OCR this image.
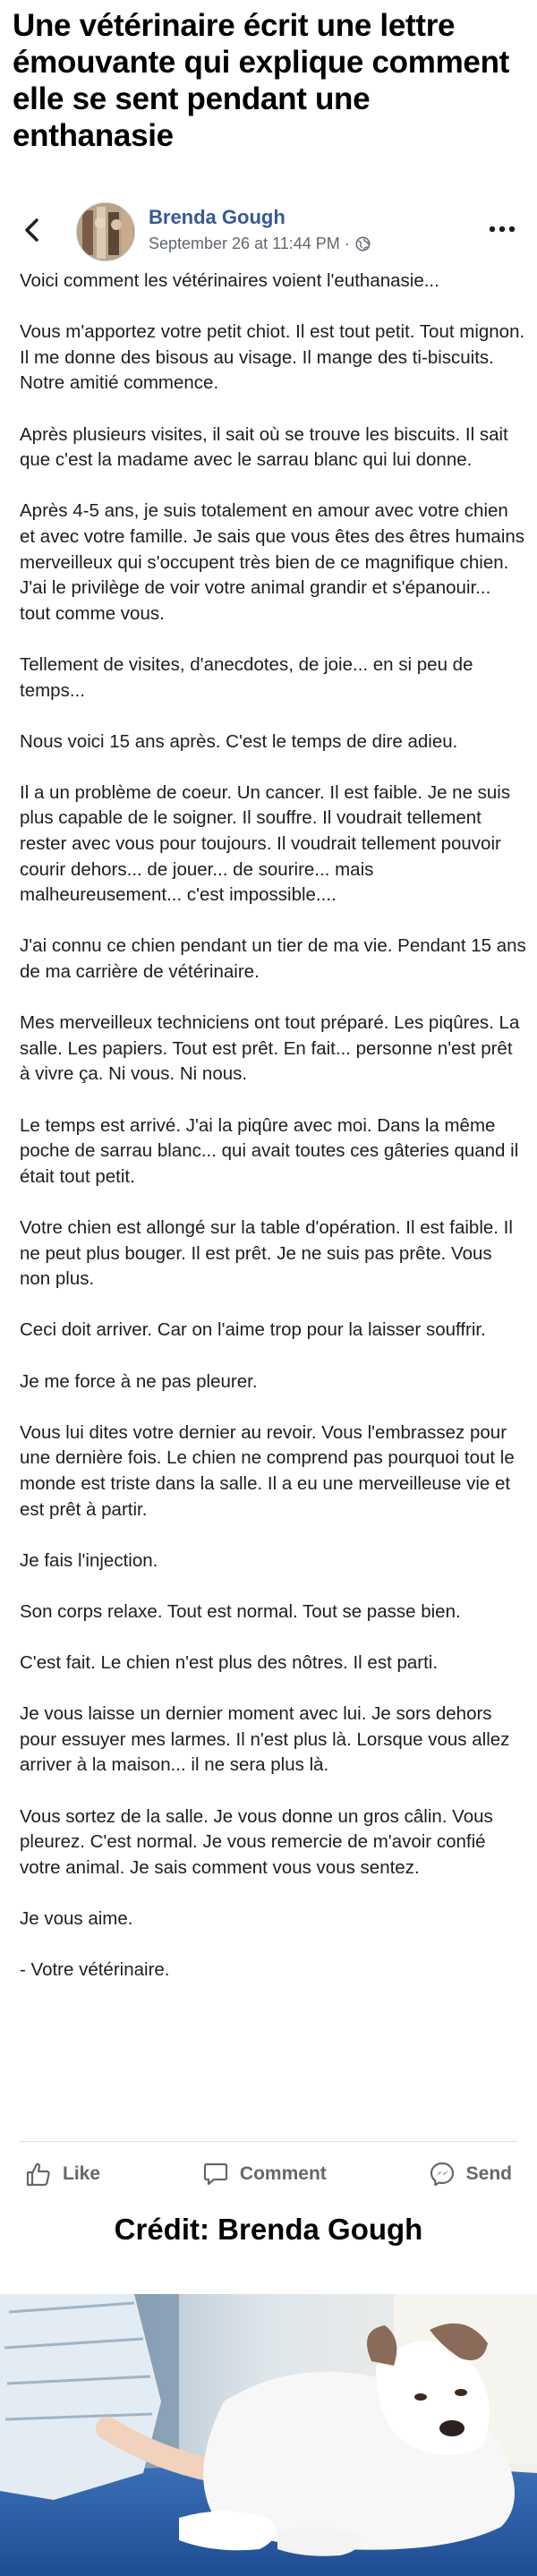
Une vétérinaire écrit une lettre émouvante qui explique comment elle se sent pendant une enthanasie
Brenda Gough
September 26 at 11:44 PM ·

Voici comment les vétérinaires voient l'euthanasie...

Vous m'apportez votre petit chiot. Il est tout petit. Tout mignon. Il me donne des bisous au visage. Il mange des ti-biscuits. Notre amitié commence.

Après plusieurs visites, il sait où se trouve les biscuits. Il sait que c'est la madame avec le sarrau blanc qui lui donne.

Après 4-5 ans, je suis totalement en amour avec votre chien et avec votre famille. Je sais que vous êtes des êtres humains merveilleux qui s'occupent très bien de ce magnifique chien. J'ai le privilège de voir votre animal grandir et s'épanouir... tout comme vous.

Tellement de visites, d'anecdotes, de joie... en si peu de temps...

Nous voici 15 ans après. C'est le temps de dire adieu.

Il a un problème de coeur. Un cancer. Il est faible. Je ne suis plus capable de le soigner. Il souffre. Il voudrait tellement rester avec vous pour toujours. Il voudrait tellement pouvoir courir dehors... de jouer... de sourire... mais malheureusement... c'est impossible....

J'ai connu ce chien pendant un tier de ma vie. Pendant 15 ans de ma carrière de vétérinaire.

Mes merveilleux techniciens ont tout préparé. Les piqûres. La salle. Les papiers. Tout est prêt. En fait... personne n'est prêt à vivre ça. Ni vous. Ni nous.

Le temps est arrivé. J'ai la piqûre avec moi. Dans la même poche de sarrau blanc... qui avait toutes ces gâteries quand il était tout petit.

Votre chien est allongé sur la table d'opération. Il est faible. Il ne peut plus bouger. Il est prêt. Je ne suis pas prête. Vous non plus.

Ceci doit arriver. Car on l'aime trop pour la laisser souffrir.

Je me force à ne pas pleurer.

Vous lui dites votre dernier au revoir. Vous l'embrassez pour une dernière fois. Le chien ne comprend pas pourquoi tout le monde est triste dans la salle. Il a eu une merveilleuse vie et est prêt à partir.

Je fais l'injection.

Son corps relaxe. Tout est normal. Tout se passe bien.

C'est fait. Le chien n'est plus des nôtres. Il est parti.

Je vous laisse un dernier moment avec lui. Je sors dehors pour essuyer mes larmes. Il n'est plus là. Lorsque vous allez arriver à la maison... il ne sera plus là.

Vous sortez de la salle. Je vous donne un gros câlin. Vous pleurez. C'est normal. Je vous remercie de m'avoir confié votre animal. Je sais comment vous vous sentez.

Je vous aime.

- Votre vétérinaire.

Like	Comment	Send
Crédit: Brenda Gough
